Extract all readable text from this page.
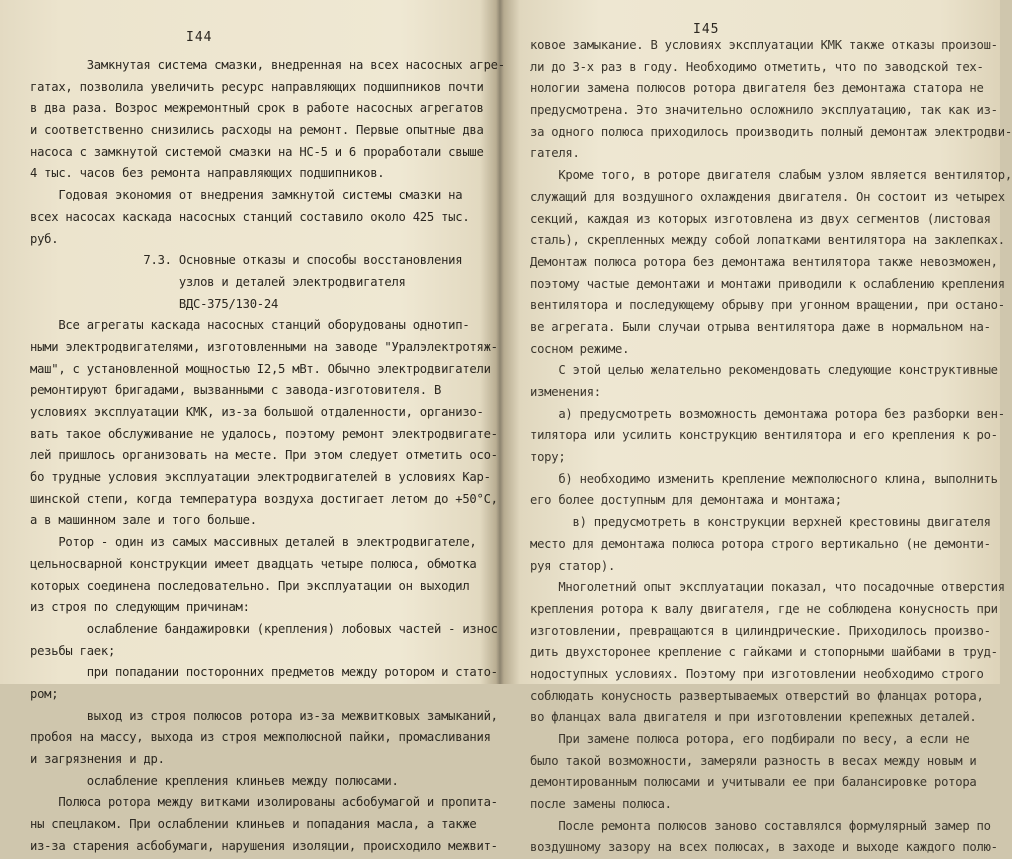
I44
Замкнутая система смазки, внедренная на всех насосных агре-
гатах, позволила увеличить ресурс направляющих подшипников почти
в два раза. Возрос межремонтный срок в работе насосных агрегатов
и соответственно снизились расходы на ремонт. Первые опытные два
насоса с замкнутой системой смазки на НС-5 и 6 проработали свыше
4 тыс. часов без ремонта направляющих подшипников.
Годовая экономия от внедрения замкнутой системы смазки на
всех насосах каскада насосных станций составило около 425 тыс.
руб.
7.3. Основные отказы и способы восстановления
узлов и деталей электродвигателя
ВДС-375/130-24
Все агрегаты каскада насосных станций оборудованы однотип-
ными электродвигателями, изготовленными на заводе "Уралэлектротяж-
маш", с установленной мощностью I2,5 мВт. Обычно электродвигатели
ремонтируют бригадами, вызванными с завода-изготовителя. В
условиях эксплуатации КМК, из-за большой отдаленности, организо-
вать такое обслуживание не удалось, поэтому ремонт электродвигате-
лей пришлось организовать на месте. При этом следует отметить осо-
бо трудные условия эксплуатации электродвигателей в условиях Кар-
шинской степи, когда температура воздуха достигает летом до +50°С,
а в машинном зале и того больше.
Ротор - один из самых массивных деталей в электродвигателе,
цельносварной конструкции имеет двадцать четыре полюса, обмотка
которых соединена последовательно. При эксплуатации он выходил
из строя по следующим причинам:
ослабление бандажировки (крепления) лобовых частей - износ
резьбы гаек;
при попадании посторонних предметов между ротором и стато-
ром;
выход из строя полюсов ротора из-за межвитковых замыканий,
пробоя на массу, выхода из строя межполюсной пайки, промасливания
и загрязнения и др.
ослабление крепления клиньев между полюсами.
Полюса ротора между витками изолированы асбобумагой и пропита-
ны спецлаком. При ослаблении клиньев и попадания масла, а также
из-за старения асбобумаги, нарушения изоляции, происходило межвит-
I45
ковое замыкание. В условиях эксплуатации КМК также отказы произош-
ли до 3-х раз в году. Необходимо отметить, что по заводской тех-
нологии замена полюсов ротора двигателя без демонтажа статора не
предусмотрена. Это значительно осложнило эксплуатацию, так как из-
за одного полюса приходилось производить полный демонтаж электродви-
гателя.
Кроме того, в роторе двигателя слабым узлом является вентилятор,
служащий для воздушного охлаждения двигателя. Он состоит из четырех
секций, каждая из которых изготовлена из двух сегментов (листовая
сталь), скрепленных между собой лопатками вентилятора на заклепках.
Демонтаж полюса ротора без демонтажа вентилятора также невозможен,
поэтому частые демонтажи и монтажи приводили к ослаблению крепления
вентилятора и последующему обрыву при угонном вращении, при остано-
ве агрегата. Были случаи отрыва вентилятора даже в нормальном на-
сосном режиме.
С этой целью желательно рекомендовать следующие конструктивные
изменения:
а) предусмотреть возможность демонтажа ротора без разборки вен-
тилятора или усилить конструкцию вентилятора и его крепления к ро-
тору;
б) необходимо изменить крепление межполюсного клина, выполнить
его более доступным для демонтажа и монтажа;
в) предусмотреть в конструкции верхней крестовины двигателя
место для демонтажа полюса ротора строго вертикально (не демонти-
руя статор).
Многолетний опыт эксплуатации показал, что посадочные отверстия
крепления ротора к валу двигателя, где не соблюдена конусность при
изготовлении, превращаются в цилиндрические. Приходилось произво-
дить двухсторонее крепление с гайками и стопорными шайбами в труд-
нодоступных условиях. Поэтому при изготовлении необходимо строго
соблюдать конусность развертываемых отверстий во фланцах ротора,
во фланцах вала двигателя и при изготовлении крепежных деталей.
При замене полюса ротора, его подбирали по весу, а если не
было такой возможности, замеряли разность в весах между новым и
демонтированным полюсами и учитывали ее при балансировке ротора
после замены полюса.
После ремонта полюсов заново составлялся формулярный замер по
воздушному зазору на всех полюсах, в заходе и выходе каждого полю-
